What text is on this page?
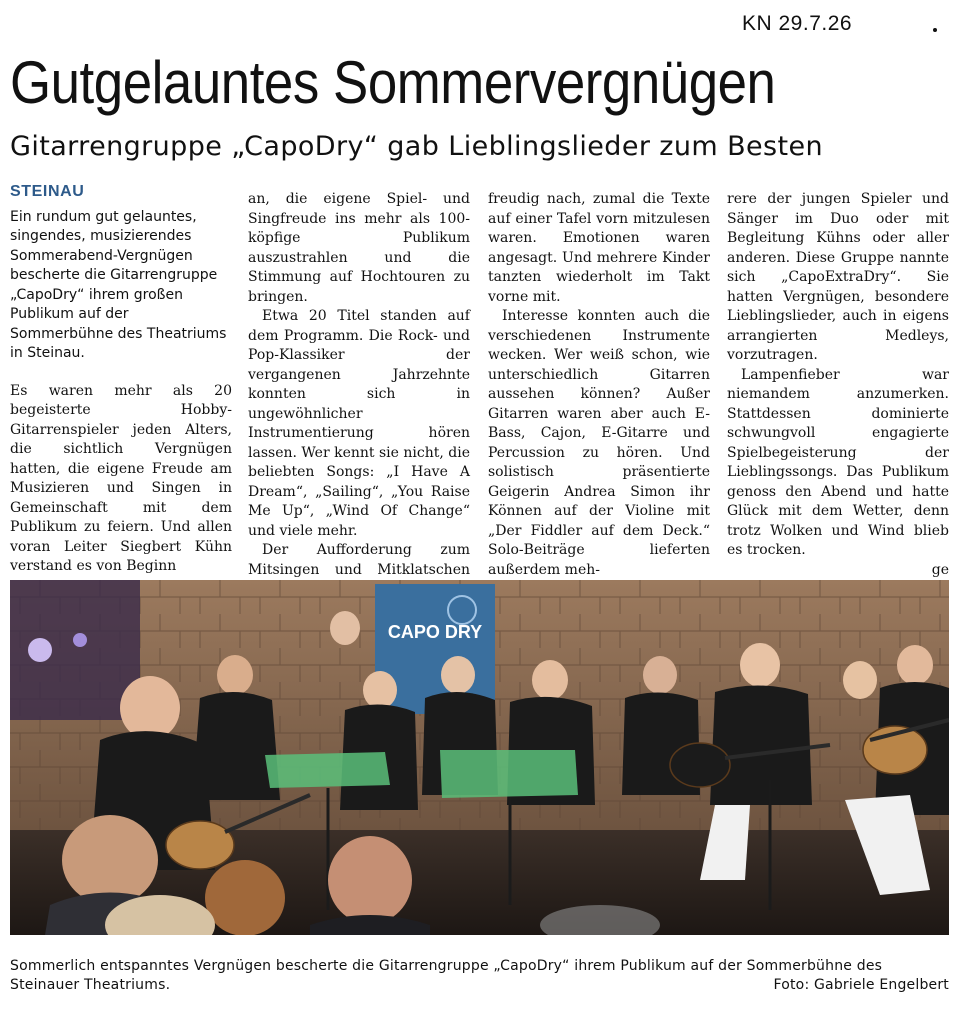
KN 29.7.26
Gutgelauntes Sommervergnügen
Gitarrengruppe „CapoDry“ gab Lieblingslieder zum Besten
STEINAU

Ein rundum gut gelauntes, singendes, musizierendes Sommerabend-Vergnügen bescherte die Gitarrengruppe „CapoDry“ ihrem großen Publikum auf der Sommerbühne des Theatriums in Steinau.

Es waren mehr als 20 begeisterte Hobby-Gitarrenspieler jeden Alters, die sichtlich Vergnügen hatten, die eigene Freude am Musizieren und Singen in Gemeinschaft mit dem Publikum zu feiern. Und allen voran Leiter Siegbert Kühn verstand es von Beginn

an, die eigene Spiel- und Singfreude ins mehr als 100-köpfige Publikum auszustrahlen und die Stimmung auf Hochtouren zu bringen.

Etwa 20 Titel standen auf dem Programm. Die Rock- und Pop-Klassiker der vergangenen Jahrzehnte konnten sich in ungewöhnlicher Instrumentierung hören lassen. Wer kennt sie nicht, die beliebten Songs: „I Have A Dream“, „Sailing“, „You Raise Me Up“, „Wind Of Change“ und viele mehr.

Der Aufforderung zum Mitsingen und Mitklatschen

freudig nach, zumal die Texte auf einer Tafel vorn mitzulesen waren. Emotionen waren angesagt. Und mehrere Kinder tanzten wiederholt im Takt vorne mit.

Interesse konnten auch die verschiedenen Instrumente wecken. Wer weiß schon, wie unterschiedlich Gitarren aussehen können? Außer Gitarren waren aber auch E-Bass, Cajon, E-Gitarre und Percussion zu hören. Und solistisch präsentierte Geigerin Andrea Simon ihr Können auf der Violine mit „Der Fiddler auf dem Deck.“ Solo-Beiträge lieferten außerdem meh-

rere der jungen Spieler und Sänger im Duo oder mit Begleitung Kühns oder aller anderen. Diese Gruppe nannte sich „CapoExtraDry“. Sie hatten Vergnügen, besondere Lieblingslieder, auch in eigens arrangierten Medleys, vorzutragen.

Lampenfieber war niemandem anzumerken. Stattdessen dominierte schwungvoll engagierte Spielbegeisterung der Lieblingssongs. Das Publikum genoss den Abend und hatte Glück mit dem Wetter, denn trotz Wolken und Wind blieb es trocken.

ge
CAPO DRY
Sommerlich entspanntes Vergnügen bescherte die Gitarrengruppe „CapoDry“ ihrem Publikum auf der Sommerbühne des Steinauer Theatriums.	Foto: Gabriele Engelbert
